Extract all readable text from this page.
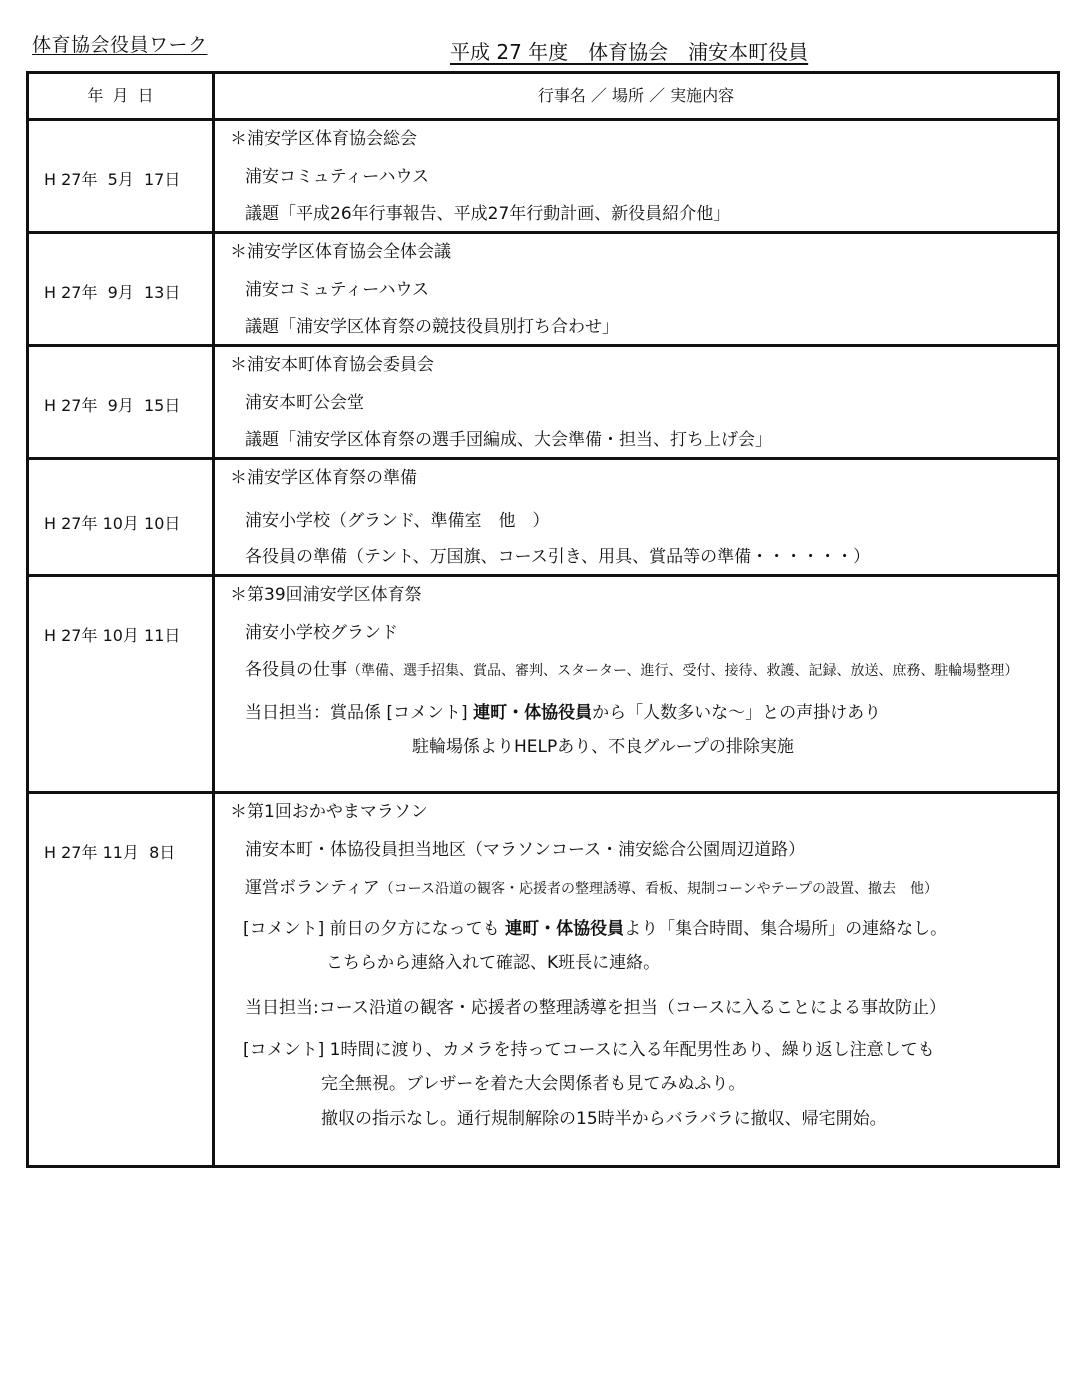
体育協会役員ワーク	平成 27 年度　体育協会　浦安本町役員
年 月 日	行事名 ／ 場所 ／ 実施内容
H 27年  5月  17日
＊浦安学区体育協会総会
浦安コミュティーハウス
議題「平成26年行事報告、平成27年行動計画、新役員紹介他」
H 27年  9月  13日
＊浦安学区体育協会全体会議
浦安コミュティーハウス
議題「浦安学区体育祭の競技役員別打ち合わせ」
H 27年  9月  15日
＊浦安本町体育協会委員会
浦安本町公会堂
議題「浦安学区体育祭の選手団編成、大会準備・担当、打ち上げ会」
H 27年 10月 10日
＊浦安学区体育祭の準備
浦安小学校（グランド、準備室　他　）
各役員の準備（テント、万国旗、コース引き、用具、賞品等の準備・・・・・・）
H 27年 10月 11日
＊第39回浦安学区体育祭
浦安小学校グランド
各役員の仕事（準備、選手招集、賞品、審判、スターター、進行、受付、接待、救護、記録、放送、庶務、駐輪場整理）
当日担当：賞品係 [コメント] 連町・体協役員から「人数多いな～」との声掛けあり
駐輪場係よりHELPあり、不良グループの排除実施
H 27年 11月  8日
＊第1回おかやまマラソン
浦安本町・体協役員担当地区（マラソンコース・浦安総合公園周辺道路）
運営ボランティア（コース沿道の観客・応援者の整理誘導、看板、規制コーンやテープの設置、撤去　他）
[コメント] 前日の夕方になっても 連町・体協役員より「集合時間、集合場所」の連絡なし。
こちらから連絡入れて確認、K班長に連絡。
当日担当:コース沿道の観客・応援者の整理誘導を担当（コースに入ることによる事故防止）
[コメント] 1時間に渡り、カメラを持ってコースに入る年配男性あり、繰り返し注意しても
完全無視。ブレザーを着た大会関係者も見てみぬふり。
撤収の指示なし。通行規制解除の15時半からバラバラに撤収、帰宅開始。
